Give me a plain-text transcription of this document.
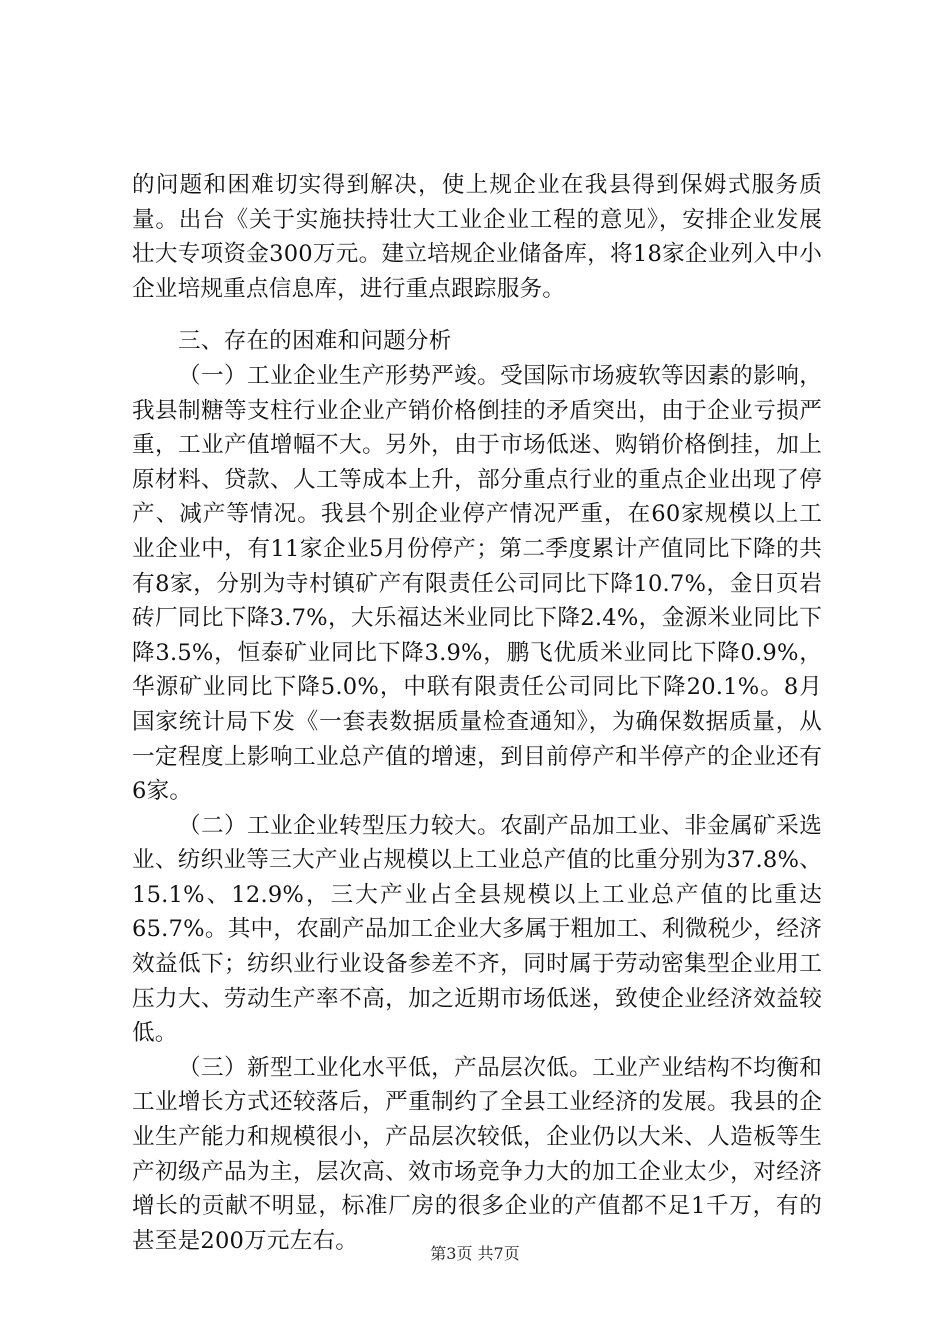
的问题和困难切实得到解决，使上规企业在我县得到保姆式服务质量。出台《关于实施扶持壮大工业企业工程的意见》，安排企业发展壮大专项资金300万元。建立培规企业储备库，将18家企业列入中小企业培规重点信息库，进行重点跟踪服务。

三、存在的困难和问题分析

（一）工业企业生产形势严竣。受国际市场疲软等因素的影响，我县制糖等支柱行业企业产销价格倒挂的矛盾突出，由于企业亏损严重，工业产值增幅不大。另外，由于市场低迷、购销价格倒挂，加上原材料、贷款、人工等成本上升，部分重点行业的重点企业出现了停产、减产等情况。我县个别企业停产情况严重，在60家规模以上工业企业中，有11家企业5月份停产；第二季度累计产值同比下降的共有8家，分别为寺村镇矿产有限责任公司同比下降10.7%，金日页岩砖厂同比下降3.7%，大乐福达米业同比下降2.4%，金源米业同比下降3.5%，恒泰矿业同比下降3.9%，鹏飞优质米业同比下降0.9%，华源矿业同比下降5.0%，中联有限责任公司同比下降20.1%。8月国家统计局下发《一套表数据质量检查通知》，为确保数据质量，从一定程度上影响工业总产值的增速，到目前停产和半停产的企业还有6家。

（二）工业企业转型压力较大。农副产品加工业、非金属矿采选业、纺织业等三大产业占规模以上工业总产值的比重分别为37.8%、15.1%、12.9%，三大产业占全县规模以上工业总产值的比重达65.7%。其中，农副产品加工企业大多属于粗加工、利微税少，经济效益低下；纺织业行业设备参差不齐，同时属于劳动密集型企业用工压力大、劳动生产率不高，加之近期市场低迷，致使企业经济效益较低。

（三）新型工业化水平低，产品层次低。工业产业结构不均衡和工业增长方式还较落后，严重制约了全县工业经济的发展。我县的企业生产能力和规模很小，产品层次较低，企业仍以大米、人造板等生产初级产品为主，层次高、效市场竞争力大的加工企业太少，对经济增长的贡献不明显，标准厂房的很多企业的产值都不足1千万，有的甚至是200万元左右。	第3页 共7页
